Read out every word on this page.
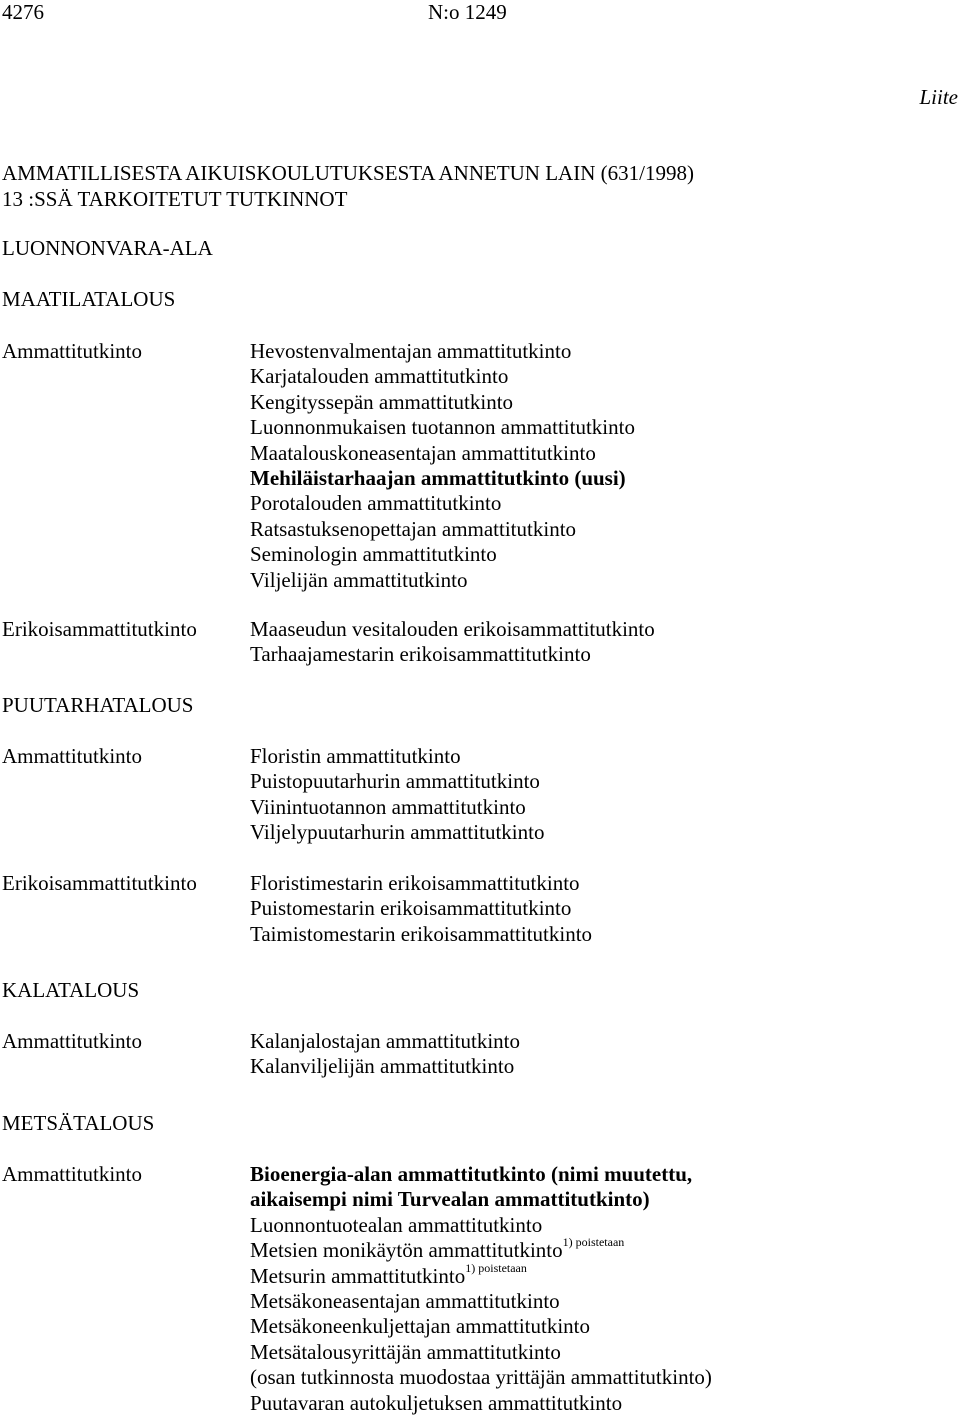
4276	N:o 1249
Liite
AMMATILLISESTA AIKUISKOULUTUKSESTA ANNETUN LAIN (631/1998)
13 :SSÄ TARKOITETUT TUTKINNOT
LUONNONVARA-ALA
MAATILATALOUS
Ammattitutkinto	Hevostenvalmentajan ammattitutkinto
Karjatalouden ammattitutkinto
Kengityssepän ammattitutkinto
Luonnonmukaisen tuotannon ammattitutkinto
Maatalouskoneasentajan ammattitutkinto
Mehiläistarhaajan ammattitutkinto (uusi)
Porotalouden ammattitutkinto
Ratsastuksenopettajan ammattitutkinto
Seminologin ammattitutkinto
Viljelijän ammattitutkinto
Erikoisammattitutkinto	Maaseudun vesitalouden erikoisammattitutkinto
Tarhaajamestarin erikoisammattitutkinto
PUUTARHATALOUS
Ammattitutkinto	Floristin ammattitutkinto
Puistopuutarhurin ammattitutkinto
Viinintuotannon ammattitutkinto
Viljelypuutarhurin ammattitutkinto
Erikoisammattitutkinto	Floristimestarin erikoisammattitutkinto
Puistomestarin erikoisammattitutkinto
Taimistomestarin erikoisammattitutkinto
KALATALOUS
Ammattitutkinto	Kalanjalostajan ammattitutkinto
Kalanviljelijän ammattitutkinto
METSÄTALOUS
Ammattitutkinto	Bioenergia-alan ammattitutkinto (nimi muutettu,
aikaisempi nimi Turvealan ammattitutkinto)
Luonnontuotealan ammattitutkinto
Metsien monikäytön ammattitutkinto$^{1) poistetaan}$
Metsurin ammattitutkinto$^{1) poistetaan}$
Metsäkoneasentajan ammattitutkinto
Metsäkoneenkuljettajan ammattitutkinto
Metsätalousyrittäjän ammattitutkinto
(osan tutkinnosta muodostaa yrittäjän ammattitutkinto)
Puutavaran autokuljetuksen ammattitutkinto
